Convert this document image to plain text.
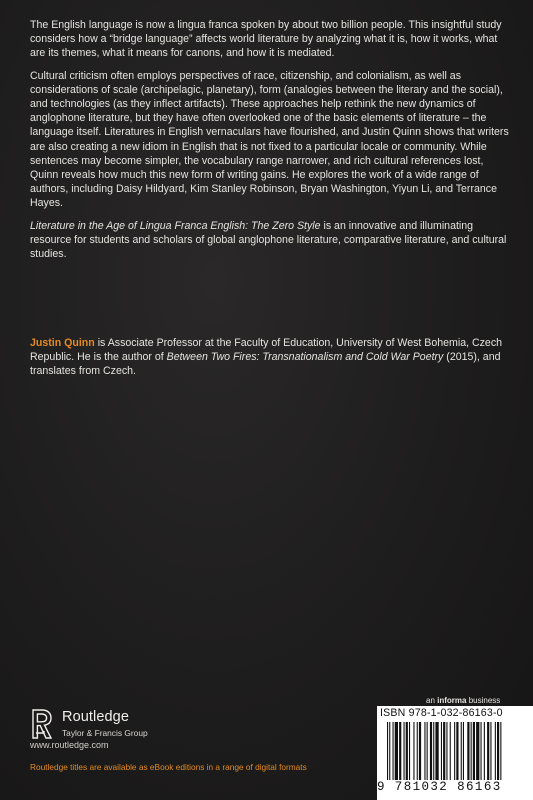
The English language is now a lingua franca spoken by about two billion people. This insightful study considers how a “bridge language” affects world literature by analyzing what it is, how it works, what are its themes, what it means for canons, and how it is mediated.

Cultural criticism often employs perspectives of race, citizenship, and colonialism, as well as considerations of scale (archipelagic, planetary), form (analogies between the literary and the social), and technologies (as they inflect artifacts). These approaches help rethink the new dynamics of anglophone literature, but they have often overlooked one of the basic elements of literature – the language itself. Literatures in English vernaculars have flourished, and Justin Quinn shows that writers are also creating a new idiom in English that is not fixed to a particular locale or community. While sentences may become simpler, the vocabulary range narrower, and rich cultural references lost, Quinn reveals how much this new form of writing gains. He explores the work of a wide range of authors, including Daisy Hildyard, Kim Stanley Robinson, Bryan Washington, Yiyun Li, and Terrance Hayes.

Literature in the Age of Lingua Franca English: The Zero Style is an innovative and illuminating resource for students and scholars of global anglophone literature, comparative literature, and cultural studies.

Justin Quinn is Associate Professor at the Faculty of Education, University of West Bohemia, Czech Republic. He is the author of Between Two Fires: Transnationalism and Cold War Poetry (2015), and translates from Czech.
Routledge
Taylor & Francis Group
www.routledge.com
Routledge titles are available as eBook editions in a range of digital formats
an informa business
ISBN 978-1-032-86163-0
9 781032 86163
